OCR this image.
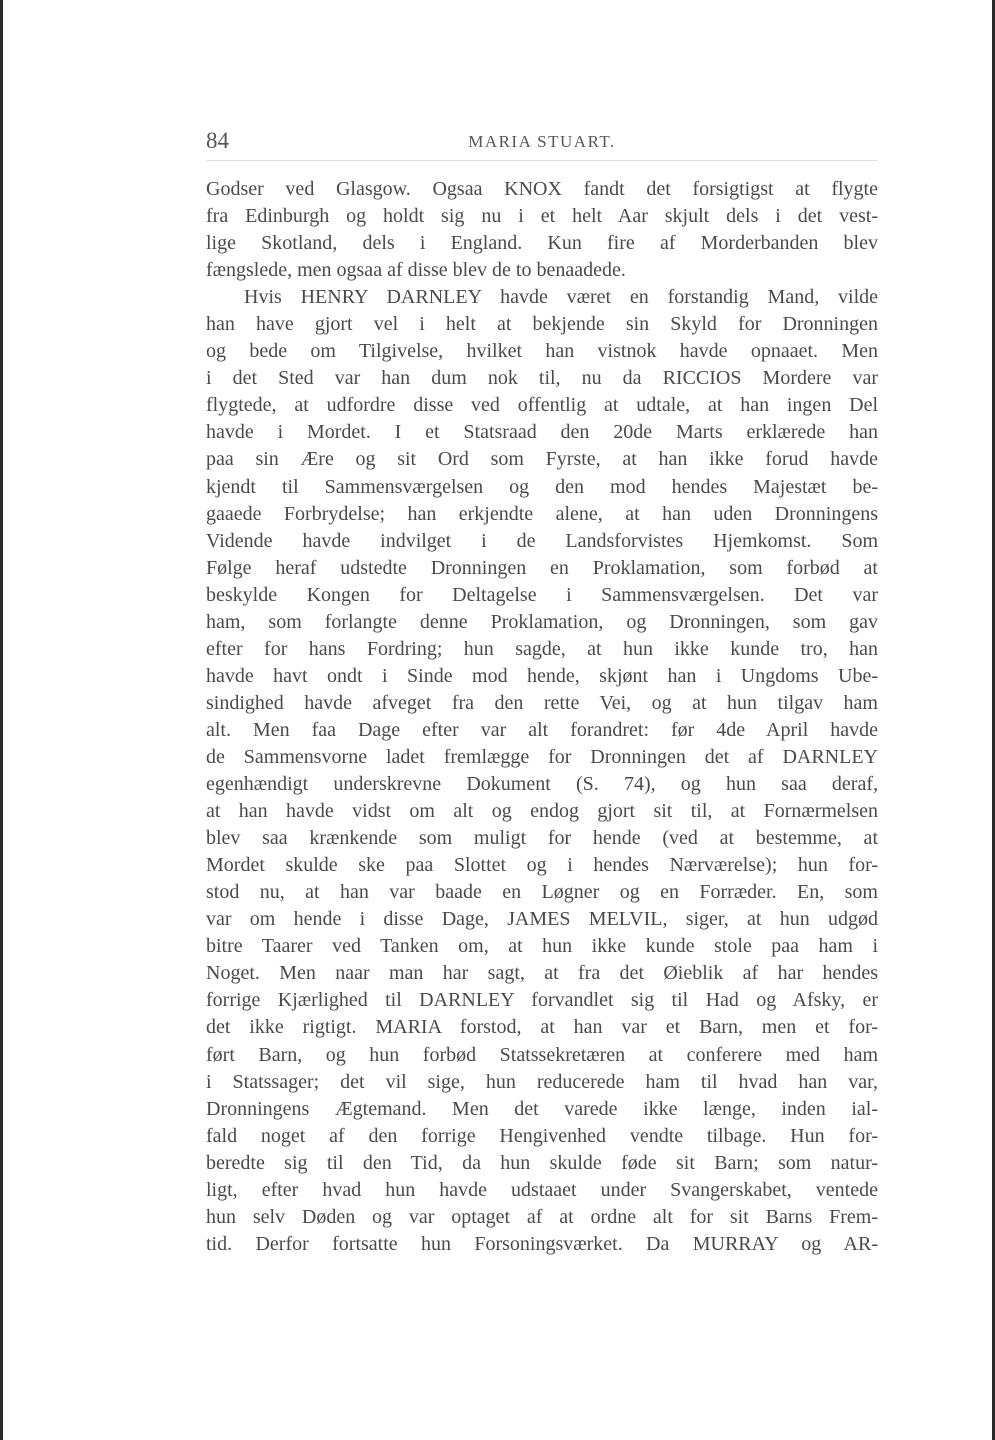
84	MARIA STUART.
Godser ved Glasgow. Ogsaa KNOX fandt det forsigtigst at flygte
fra Edinburgh og holdt sig nu i et helt Aar skjult dels i det vest-
lige Skotland, dels i England. Kun fire af Morderbanden blev
fængslede, men ogsaa af disse blev de to benaadede.
Hvis HENRY DARNLEY havde været en forstandig Mand, vilde
han have gjort vel i helt at bekjende sin Skyld for Dronningen
og bede om Tilgivelse, hvilket han vistnok havde opnaaet. Men
i det Sted var han dum nok til, nu da RICCIOS Mordere var
flygtede, at udfordre disse ved offentlig at udtale, at han ingen Del
havde i Mordet. I et Statsraad den 20de Marts erklærede han
paa sin Ære og sit Ord som Fyrste, at han ikke forud havde
kjendt til Sammensværgelsen og den mod hendes Majestæt be-
gaaede Forbrydelse; han erkjendte alene, at han uden Dronningens
Vidende havde indvilget i de Landsforvistes Hjemkomst. Som
Følge heraf udstedte Dronningen en Proklamation, som forbød at
beskylde Kongen for Deltagelse i Sammensværgelsen. Det var
ham, som forlangte denne Proklamation, og Dronningen, som gav
efter for hans Fordring; hun sagde, at hun ikke kunde tro, han
havde havt ondt i Sinde mod hende, skjønt han i Ungdoms Ube-
sindighed havde afveget fra den rette Vei, og at hun tilgav ham
alt. Men faa Dage efter var alt forandret: før 4de April havde
de Sammensvorne ladet fremlægge for Dronningen det af DARNLEY
egenhændigt underskrevne Dokument (S. 74), og hun saa deraf,
at han havde vidst om alt og endog gjort sit til, at Fornærmelsen
blev saa krænkende som muligt for hende (ved at bestemme, at
Mordet skulde ske paa Slottet og i hendes Nærværelse); hun for-
stod nu, at han var baade en Løgner og en Forræder. En, som
var om hende i disse Dage, JAMES MELVIL, siger, at hun udgød
bitre Taarer ved Tanken om, at hun ikke kunde stole paa ham i
Noget. Men naar man har sagt, at fra det Øieblik af har hendes
forrige Kjærlighed til DARNLEY forvandlet sig til Had og Afsky, er
det ikke rigtigt. MARIA forstod, at han var et Barn, men et for-
ført Barn, og hun forbød Statssekretæren at conferere med ham
i Statssager; det vil sige, hun reducerede ham til hvad han var,
Dronningens Ægtemand. Men det varede ikke længe, inden ial-
fald noget af den forrige Hengivenhed vendte tilbage. Hun for-
beredte sig til den Tid, da hun skulde føde sit Barn; som natur-
ligt, efter hvad hun havde udstaaet under Svangerskabet, ventede
hun selv Døden og var optaget af at ordne alt for sit Barns Frem-
tid. Derfor fortsatte hun Forsoningsværket. Da MURRAY og AR-
